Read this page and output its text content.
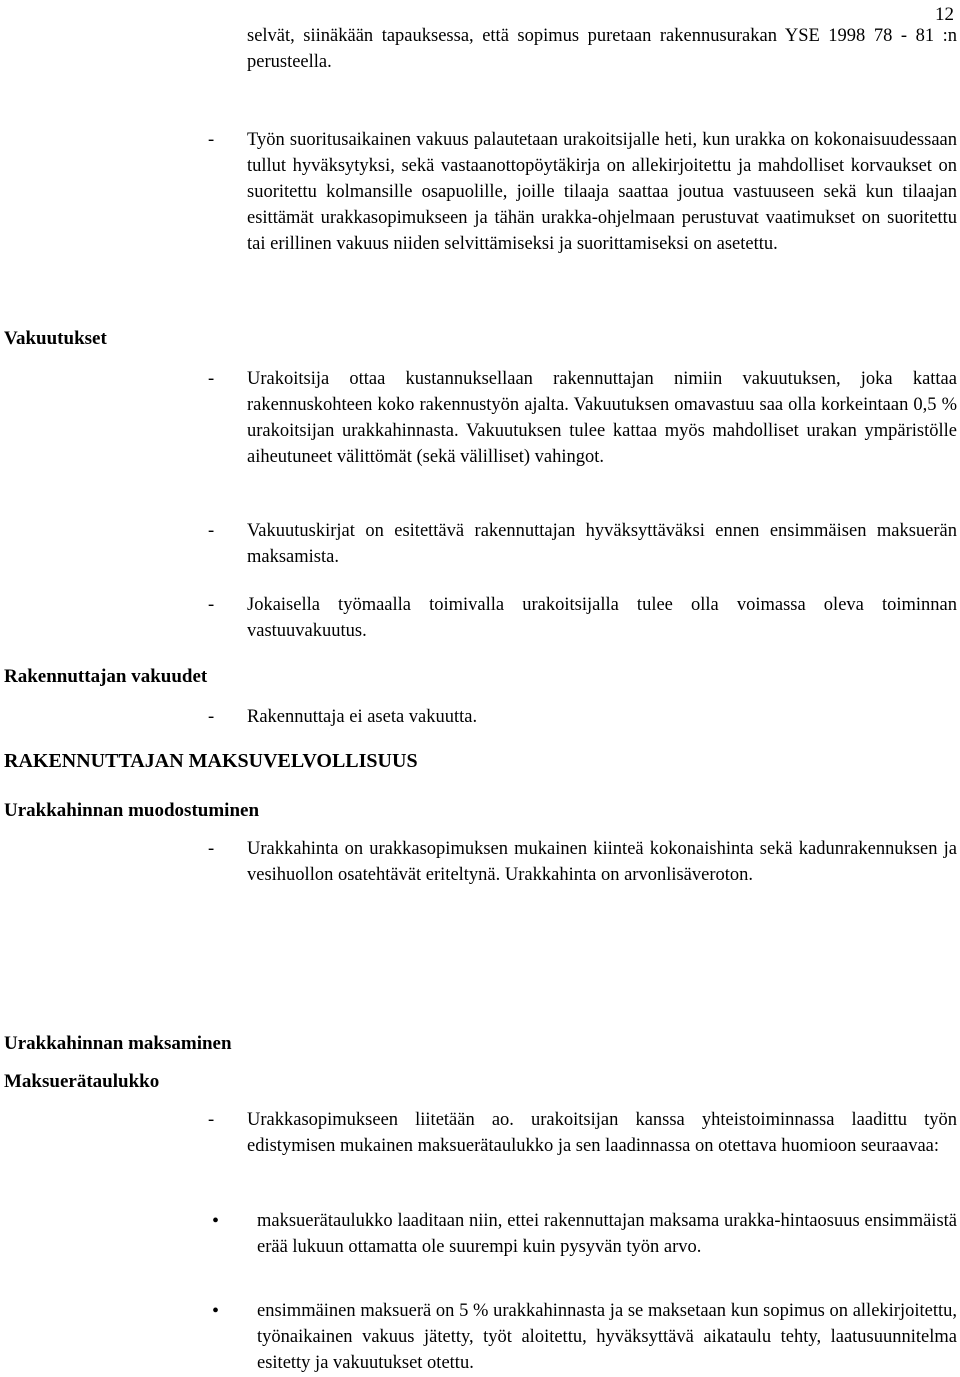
12

selvät, siinäkään tapauksessa, että sopimus puretaan rakennusurakan YSE 1998 78 - 81 :n perusteella.

- Työn suoritusaikainen vakuus palautetaan urakoitsijalle heti, kun urakka on kokonaisuudessaan tullut hyväksytyksi, sekä vastaanottopöytäkirja on allekirjoitettu ja mahdolliset korvaukset on suoritettu kolmansille osapuolille, joille tilaaja saattaa joutua vastuuseen sekä kun tilaajan esittämät urakkasopimukseen ja tähän urakka-ohjelmaan perustuvat vaatimukset on suoritettu tai erillinen vakuus niiden selvittämiseksi ja suorittamiseksi on asetettu.
Vakuutukset
- Urakoitsija ottaa kustannuksellaan rakennuttajan nimiin vakuutuksen, joka kattaa rakennuskohteen koko rakennustyön ajalta. Vakuutuksen omavastuu saa olla korkeintaan 0,5 % urakoitsijan urakkahinnasta. Vakuutuksen tulee kattaa myös mahdolliset urakan ympäristölle aiheutuneet välittömät (sekä välilliset) vahingot.
- Vakuutuskirjat on esitettävä rakennuttajan hyväksyttäväksi ennen ensimmäisen maksuerän maksamista.
- Jokaisella työmaalla toimivalla urakoitsijalla tulee olla voimassa oleva toiminnan vastuuvakuutus.
Rakennuttajan vakuudet
- Rakennuttaja ei aseta vakuutta.
RAKENNUTTAJAN MAKSUVELVOLLISUUS
Urakkahinnan muodostuminen
- Urakkahinta on urakkasopimuksen mukainen kiinteä kokonaishinta sekä kadunrakennuksen ja vesihuollon osatehtävät eriteltynä. Urakkahinta on arvonlisäveroton.
Urakkahinnan maksaminen
Maksuerätaulukko
- Urakkasopimukseen liitetään ao. urakoitsijan kanssa yhteistoiminnassa laadittu työn edistymisen mukainen maksuerätaulukko ja sen laadinnassa on otettava huomioon seuraavaa:
• maksuerätaulukko laaditaan niin, ettei rakennuttajan maksama urakka-hintaosuus ensimmäistä erää lukuun ottamatta ole suurempi kuin pysyvän työn arvo.
• ensimmäinen maksuerä on 5 % urakkahinnasta ja se maksetaan kun sopimus on allekirjoitettu, työnaikainen vakuus jätetty, työt aloitettu, hyväksyttävä aikataulu tehty, laatusuunnitelma esitetty ja vakuutukset otettu.
